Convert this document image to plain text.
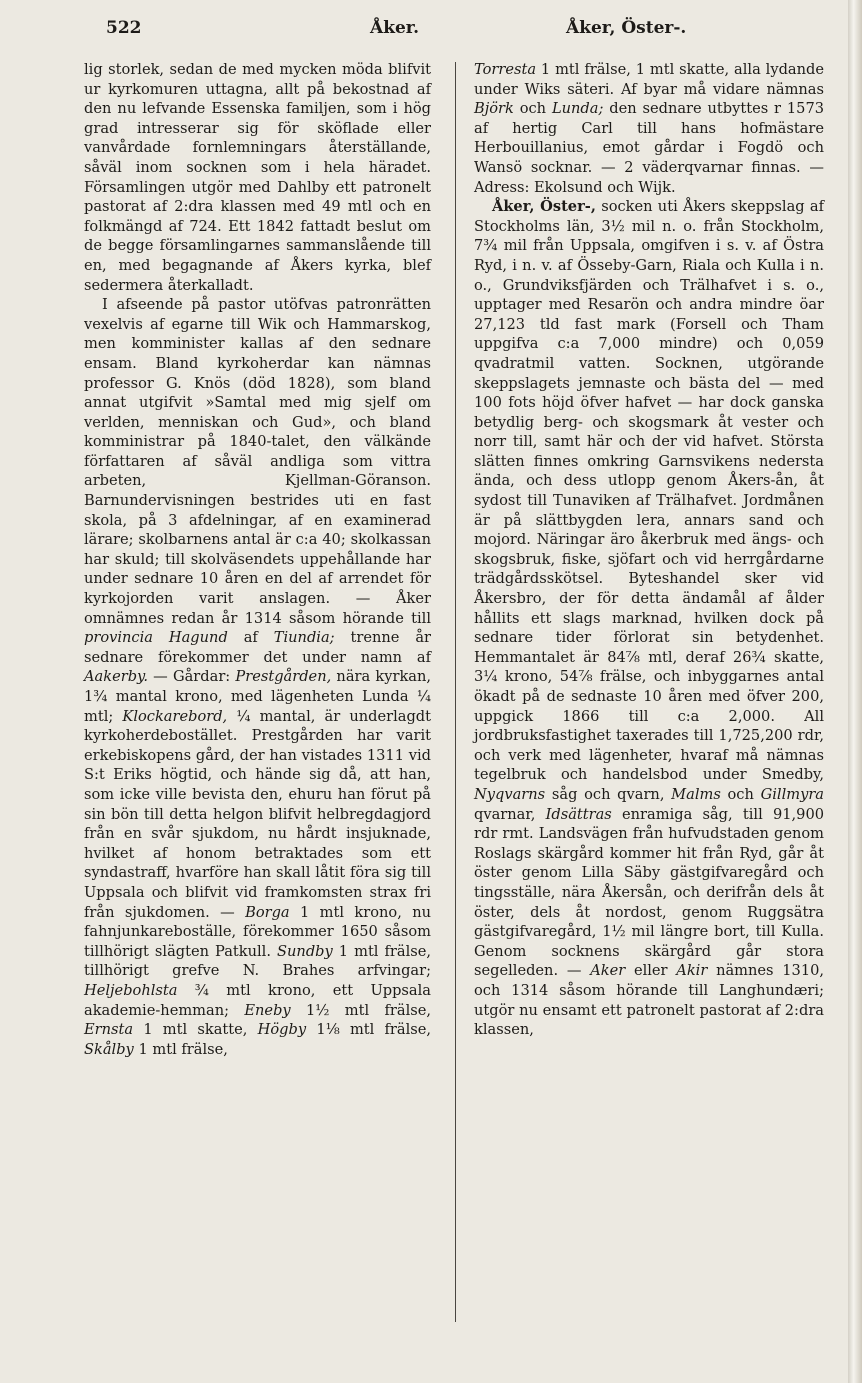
522	Åker.	Åker, Öster-.

lig storlek, sedan de med mycken möda blifvit ur kyrkomuren uttagna, allt på bekostnad af den nu lefvande Essenska familjen, som i hög grad intresserar sig för sköflade eller vanvårdade fornlemningars återställande, såväl inom socknen som i hela häradet. Församlingen utgör med Dahlby ett patronelt pastorat af 2:dra klassen med 49 mtl och en folkmängd af 724. Ett 1842 fattadt beslut om de begge församlingarnes sammanslående till en, med begagnande af Åkers kyrka, blef sedermera återkalladt.

I afseende på pastor utöfvas patronrätten vexelvis af egarne till Wik och Hammarskog, men komminister kallas af den sednare ensam. Bland kyrkoherdar kan nämnas professor G. Knös (död 1828), som bland annat utgifvit »Samtal med mig sjelf om verlden, menniskan och Gud», och bland komministrar på 1840-talet, den välkände författaren af såväl andliga som vittra arbeten, Kjellman-Göranson. Barnundervisningen bestrides uti en fast skola, på 3 afdelningar, af en examinerad lärare; skolbarnens antal är c:a 40; skolkassan har skuld; till skolväsendets uppehållande har under sednare 10 åren en del af arrendet för kyrkojorden varit anslagen. — Åker omnämnes redan år 1314 såsom hörande till provincia Hagund af Tiundia; trenne år sednare förekommer det under namn af Aakerby. — Gårdar: Prestgården, nära kyrkan, 1¾ mantal krono, med lägenheten Lunda ¼ mtl; Klockarebord, ¼ mantal, är underlagdt kyrkoherdebostället. Prestgården har varit erkebiskopens gård, der han vistades 1311 vid S:t Eriks högtid, och hände sig då, att han, som icke ville bevista den, ehuru han förut på sin bön till detta helgon blifvit helbregdagjord från en svår sjukdom, nu hårdt insjuknade, hvilket af honom betraktades som ett syndastraff, hvarföre han skall låtit föra sig till Uppsala och blifvit vid framkomsten strax fri från sjukdomen. — Borga 1 mtl krono, nu fahnjunkareboställe, förekommer 1650 såsom tillhörigt slägten Patkull. Sundby 1 mtl frälse, tillhörigt grefve N. Brahes arfvingar; Heljebohlsta ¾ mtl krono, ett Uppsala akademie-hemman; Eneby 1½ mtl frälse, Ernsta 1 mtl skatte, Högby 1⅛ mtl frälse, Skålby 1 mtl frälse,

Torresta 1 mtl frälse, 1 mtl skatte, alla lydande under Wiks säteri. Af byar må vidare nämnas Björk och Lunda; den sednare utbyttes r 1573 af hertig Carl till hans hofmästare Herbouillanius, emot gårdar i Fogdö och Wansö socknar. — 2 väderqvarnar finnas. — Adress: Ekolsund och Wijk.

Åker, Öster-, socken uti Åkers skeppslag af Stockholms län, 3½ mil n. o. från Stockholm, 7¾ mil från Uppsala, omgifven i s. v. af Östra Ryd, i n. v. af Össeby-Garn, Riala och Kulla i n. o., Grundviksfjärden och Trälhafvet i s. o., upptager med Resarön och andra mindre öar 27,123 tld fast mark (Forsell och Tham uppgifva c:a 7,000 mindre) och 0,059 qvadratmil vatten. Socknen, utgörande skeppslagets jemnaste och bästa del — med 100 fots höjd öfver hafvet — har dock ganska betydlig berg- och skogsmark åt vester och norr till, samt här och der vid hafvet. Största slätten finnes omkring Garnsvikens nedersta ända, och dess utlopp genom Åkers-ån, åt sydost till Tunaviken af Trälhafvet. Jordmånen är på slättbygden lera, annars sand och mojord. Näringar äro åkerbruk med ängs- och skogsbruk, fiske, sjöfart och vid herrgårdarne trädgårdsskötsel. Byteshandel sker vid Åkersbro, der för detta ändamål af ålder hållits ett slags marknad, hvilken dock på sednare tider förlorat sin betydenhet. Hemmantalet är 84⅞ mtl, deraf 26¾ skatte, 3¼ krono, 54⅞ frälse, och inbyggarnes antal ökadt på de sednaste 10 åren med öfver 200, uppgick 1866 till c:a 2,000. All jordbruksfastighet taxerades till 1,725,200 rdr, och verk med lägenheter, hvaraf må nämnas tegelbruk och handelsbod under Smedby, Nyqvarns såg och qvarn, Malms och Gillmyra qvarnar, Idsättras enramiga såg, till 91,900 rdr rmt. Landsvägen från hufvudstaden genom Roslags skärgård kommer hit från Ryd, går åt öster genom Lilla Säby gästgifvaregård och tingsställe, nära Åkersån, och derifrån dels åt öster, dels åt nordost, genom Ruggsätra gästgifvaregård, 1½ mil längre bort, till Kulla. Genom socknens skärgård går stora segelleden. — Aker eller Akir nämnes 1310, och 1314 såsom hörande till Langhundæri; utgör nu ensamt ett patronelt pastorat af 2:dra klassen,
